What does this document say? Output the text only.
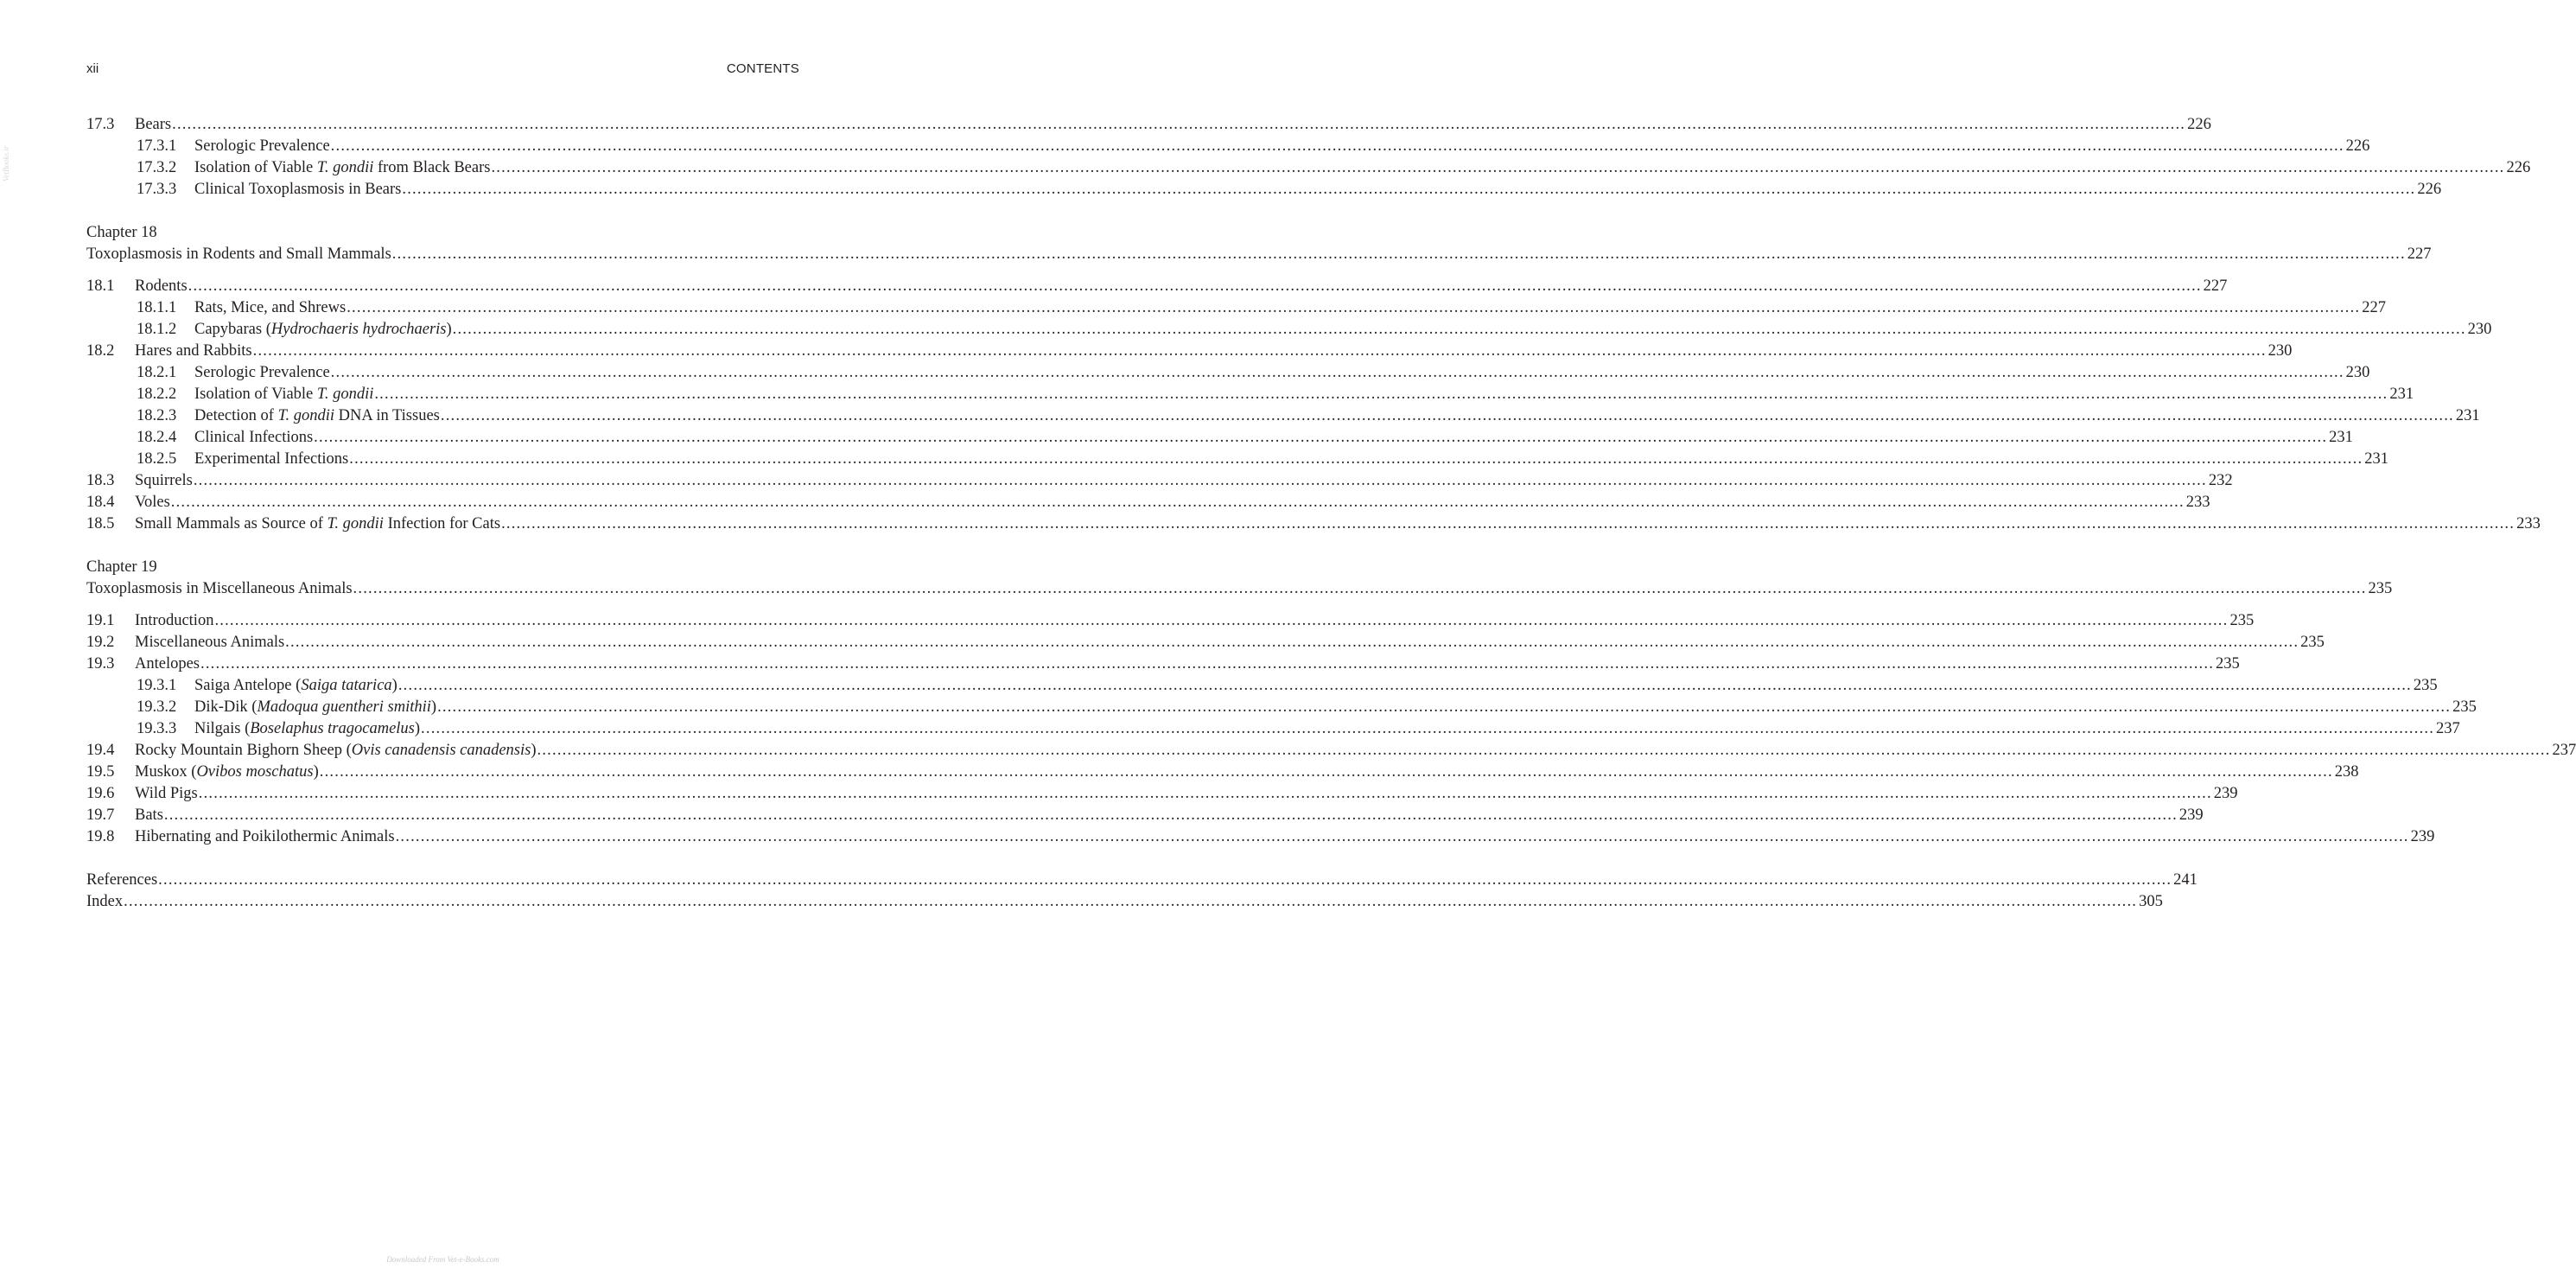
xii	CONTENTS
VetBooks.ir
17.3 Bears ................................................................................................................................................................................................................................................................................................................................................................................................................ 226
17.3.1 Serologic Prevalence ................................................................................................................................................................................................................................................................................................................................................................................................................ 226
17.3.2 Isolation of Viable T. gondii from Black Bears ................................................................................................................................................................................................................................................................................................................................................................................................................ 226
17.3.3 Clinical Toxoplasmosis in Bears ................................................................................................................................................................................................................................................................................................................................................................................................................ 226
Chapter 18
Toxoplasmosis in Rodents and Small Mammals ................................................................................................................................................................................................................................................................................................................................................................................................................ 227
18.1 Rodents ................................................................................................................................................................................................................................................................................................................................................................................................................ 227
18.1.1 Rats, Mice, and Shrews ................................................................................................................................................................................................................................................................................................................................................................................................................ 227
18.1.2 Capybaras (Hydrochaeris hydrochaeris) ................................................................................................................................................................................................................................................................................................................................................................................................................ 230
18.2 Hares and Rabbits ................................................................................................................................................................................................................................................................................................................................................................................................................ 230
18.2.1 Serologic Prevalence ................................................................................................................................................................................................................................................................................................................................................................................................................ 230
18.2.2 Isolation of Viable T. gondii ................................................................................................................................................................................................................................................................................................................................................................................................................ 231
18.2.3 Detection of T. gondii DNA in Tissues ................................................................................................................................................................................................................................................................................................................................................................................................................ 231
18.2.4 Clinical Infections ................................................................................................................................................................................................................................................................................................................................................................................................................ 231
18.2.5 Experimental Infections ................................................................................................................................................................................................................................................................................................................................................................................................................ 231
18.3 Squirrels ................................................................................................................................................................................................................................................................................................................................................................................................................ 232
18.4 Voles ................................................................................................................................................................................................................................................................................................................................................................................................................ 233
18.5 Small Mammals as Source of T. gondii Infection for Cats ................................................................................................................................................................................................................................................................................................................................................................................................................ 233
Chapter 19
Toxoplasmosis in Miscellaneous Animals ................................................................................................................................................................................................................................................................................................................................................................................................................ 235
19.1 Introduction ................................................................................................................................................................................................................................................................................................................................................................................................................ 235
19.2 Miscellaneous Animals ................................................................................................................................................................................................................................................................................................................................................................................................................ 235
19.3 Antelopes ................................................................................................................................................................................................................................................................................................................................................................................................................ 235
19.3.1 Saiga Antelope (Saiga tatarica) ................................................................................................................................................................................................................................................................................................................................................................................................................ 235
19.3.2 Dik-Dik (Madoqua guentheri smithii) ................................................................................................................................................................................................................................................................................................................................................................................................................ 235
19.3.3 Nilgais (Boselaphus tragocamelus) ................................................................................................................................................................................................................................................................................................................................................................................................................ 237
19.4 Rocky Mountain Bighorn Sheep (Ovis canadensis canadensis) ................................................................................................................................................................................................................................................................................................................................................................................................................ 237
19.5 Muskox (Ovibos moschatus) ................................................................................................................................................................................................................................................................................................................................................................................................................ 238
19.6 Wild Pigs ................................................................................................................................................................................................................................................................................................................................................................................................................ 239
19.7 Bats ................................................................................................................................................................................................................................................................................................................................................................................................................ 239
19.8 Hibernating and Poikilothermic Animals ................................................................................................................................................................................................................................................................................................................................................................................................................ 239
References ................................................................................................................................................................................................................................................................................................................................................................................................................ 241
Index ................................................................................................................................................................................................................................................................................................................................................................................................................ 305
Downloaded From Vet-e-Books.com
